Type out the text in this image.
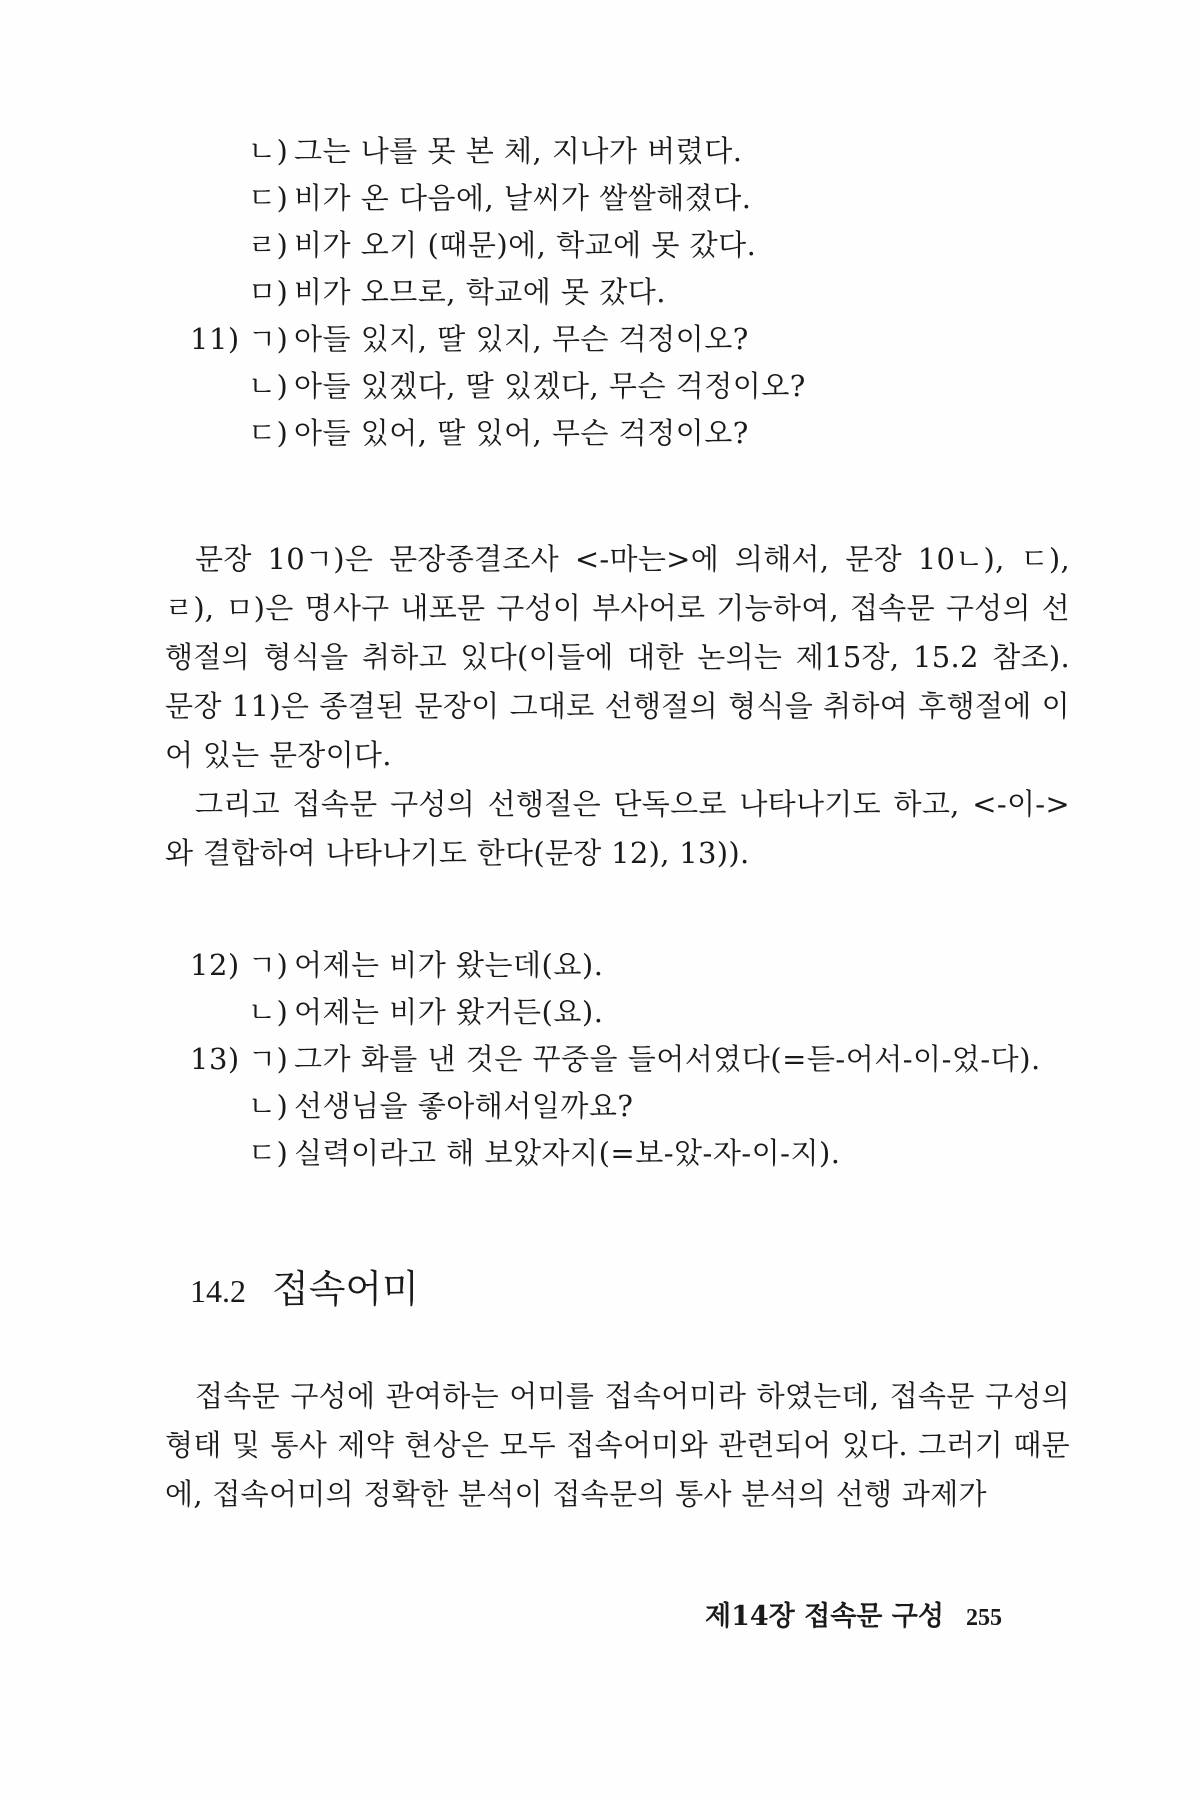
ㄴ) 그는 나를 못 본 체, 지나가 버렸다.
ㄷ) 비가 온 다음에, 날씨가 쌀쌀해졌다.
ㄹ) 비가 오기 (때문)에, 학교에 못 갔다.
ㅁ) 비가 오므로, 학교에 못 갔다.
11) ㄱ) 아들 있지, 딸 있지, 무슨 걱정이오?
ㄴ) 아들 있겠다, 딸 있겠다, 무슨 걱정이오?
ㄷ) 아들 있어, 딸 있어, 무슨 걱정이오?
문장 10ㄱ)은 문장종결조사 <-마는>에 의해서, 문장 10ㄴ), ㄷ), ㄹ), ㅁ)은 명사구 내포문 구성이 부사어로 기능하여, 접속문 구성의 선행절의 형식을 취하고 있다(이들에 대한 논의는 제15장, 15.2 참조). 문장 11)은 종결된 문장이 그대로 선행절의 형식을 취하여 후행절에 이어 있는 문장이다.
그리고 접속문 구성의 선행절은 단독으로 나타나기도 하고, <-이->와 결합하여 나타나기도 한다(문장 12), 13)).
12) ㄱ) 어제는 비가 왔는데(요).
ㄴ) 어제는 비가 왔거든(요).
13) ㄱ) 그가 화를 낸 것은 꾸중을 들어서였다(=듣-어서-이-었-다).
ㄴ) 선생님을 좋아해서일까요?
ㄷ) 실력이라고 해 보았자지(=보-았-자-이-지).
14.2 접속어미
접속문 구성에 관여하는 어미를 접속어미라 하였는데, 접속문 구성의 형태 및 통사 제약 현상은 모두 접속어미와 관련되어 있다. 그러기 때문에, 접속어미의 정확한 분석이 접속문의 통사 분석의 선행 과제가
제14장 접속문 구성 255
